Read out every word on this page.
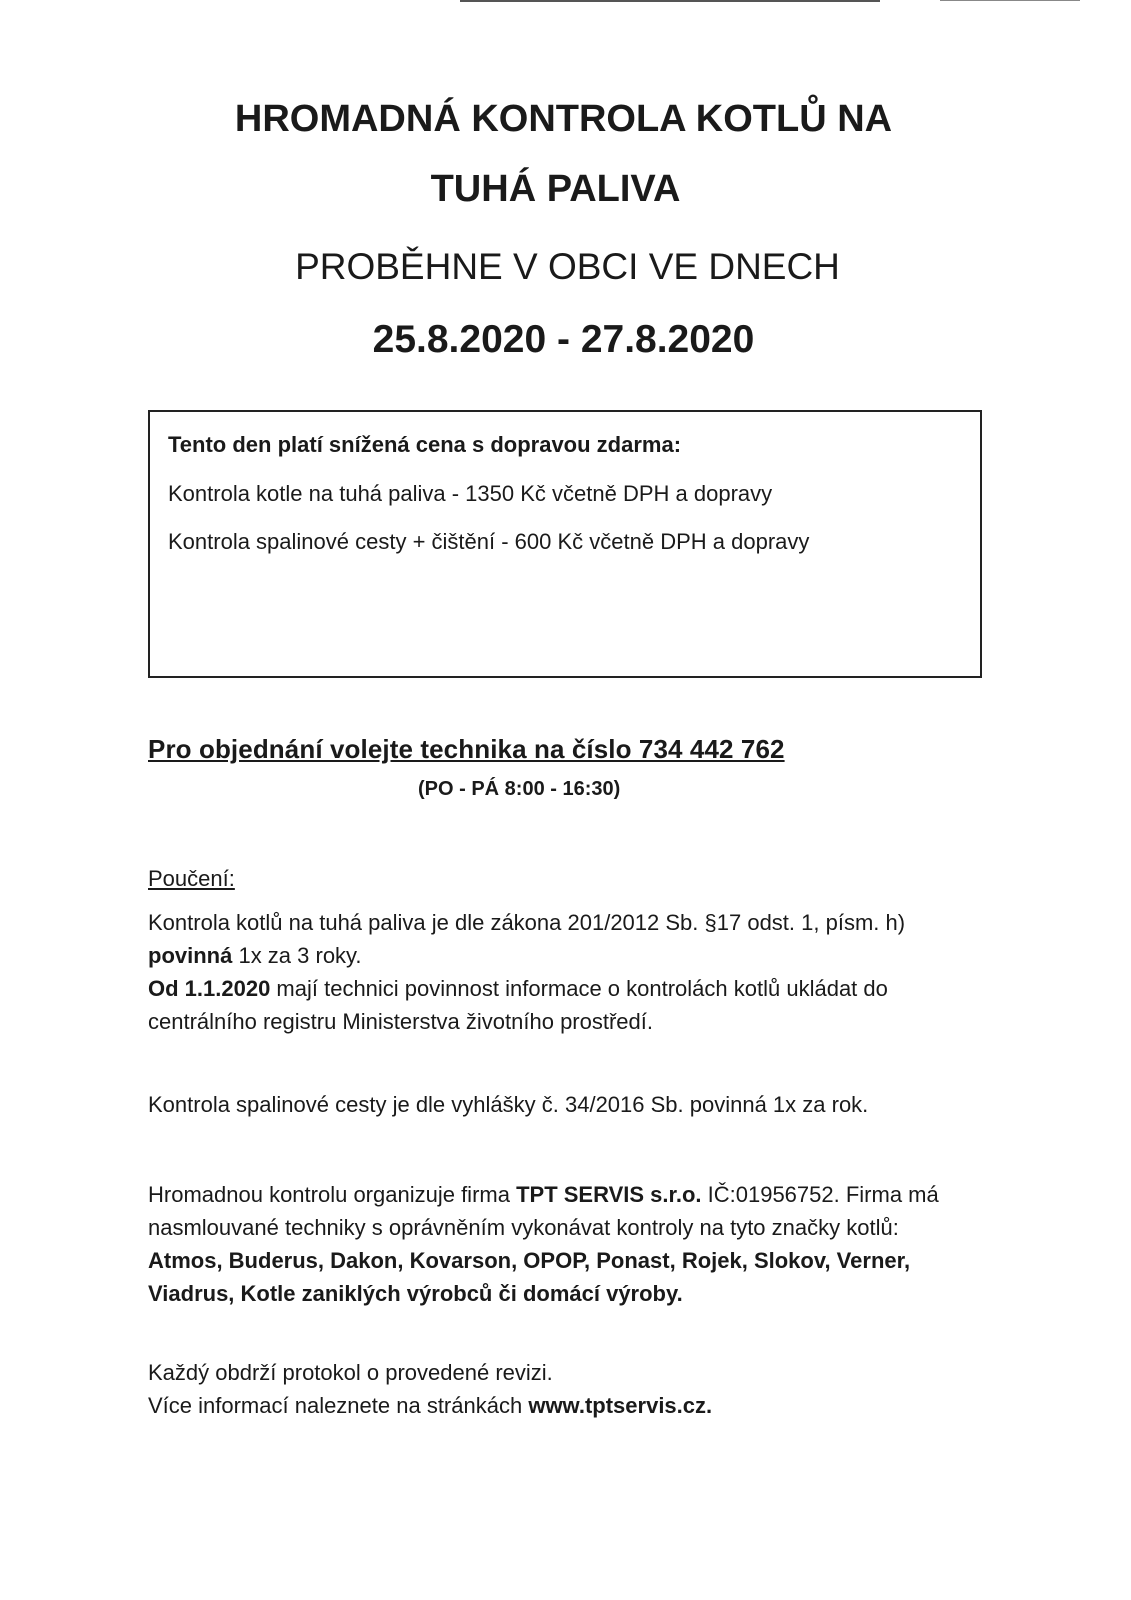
HROMADNÁ KONTROLA KOTLŮ NA
TUHÁ PALIVA
PROBĚHNE V OBCI VE DNECH
25.8.2020 - 27.8.2020

Tento den platí snížená cena s dopravou zdarma:

Kontrola kotle na tuhá paliva - 1350 Kč včetně DPH a dopravy

Kontrola spalinové cesty + čištění - 600 Kč včetně DPH a dopravy

Pro objednání volejte technika na číslo 734 442 762
(PO - PÁ 8:00 - 16:30)
Poučení:

Kontrola kotlů na tuhá paliva je dle zákona 201/2012 Sb. §17 odst. 1, písm. h) povinná 1x za 3 roky.
Od 1.1.2020 mají technici povinnost informace o kontrolách kotlů ukládat do centrálního registru Ministerstva životního prostředí.

Kontrola spalinové cesty je dle vyhlášky č. 34/2016 Sb. povinná 1x za rok.

Hromadnou kontrolu organizuje firma TPT SERVIS s.r.o. IČ:01956752. Firma má nasmlouvané techniky s oprávněním vykonávat kontroly na tyto značky kotlů: Atmos, Buderus, Dakon, Kovarson, OPOP, Ponast, Rojek, Slokov, Verner, Viadrus, Kotle zaniklých výrobců či domácí výroby.

Každý obdrží protokol o provedené revizi.
Více informací naleznete na stránkách www.tptservis.cz.
